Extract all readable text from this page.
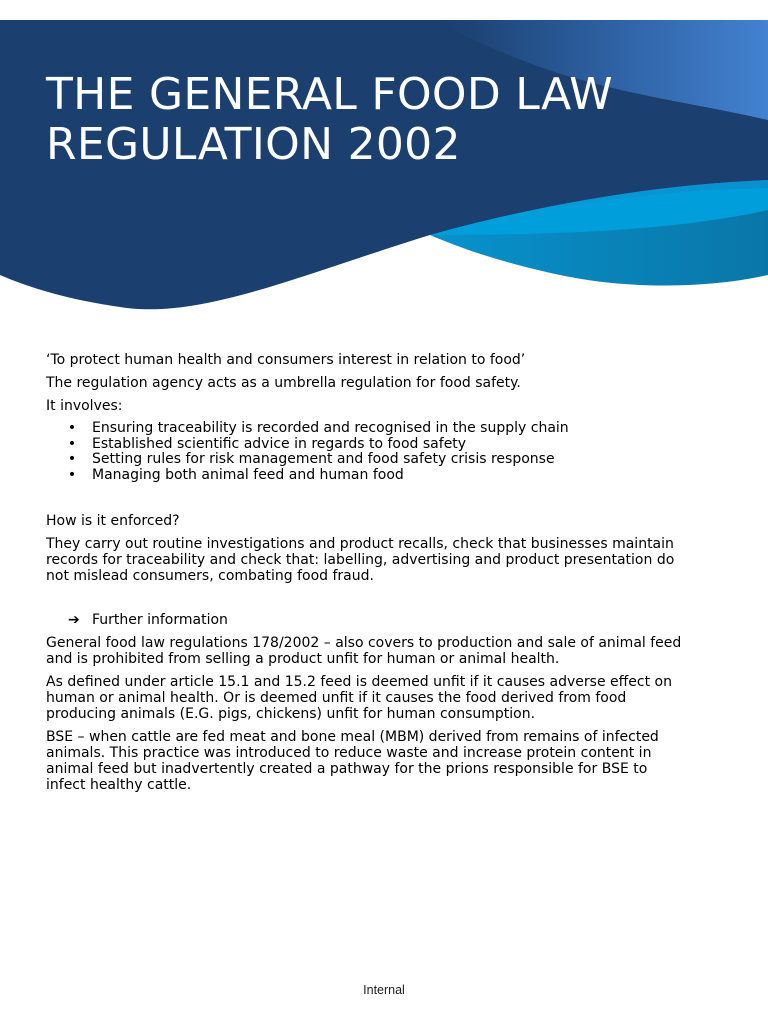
THE GENERAL FOOD LAW
REGULATION 2002

‘To protect human health and consumers interest in relation to food’

The regulation agency acts as a umbrella regulation for food safety.

It involves:

• Ensuring traceability is recorded and recognised in the supply chain
• Established scientific advice in regards to food safety
• Setting rules for risk management and food safety crisis response
• Managing both animal feed and human food

How is it enforced?

They carry out routine investigations and product recalls, check that businesses maintain records for traceability and check that: labelling, advertising and product presentation do not mislead consumers, combating food fraud.

➔ Further information

General food law regulations 178/2002 – also covers to production and sale of animal feed and is prohibited from selling a product unfit for human or animal health.

As defined under article 15.1 and 15.2 feed is deemed unfit if it causes adverse effect on human or animal health. Or is deemed unfit if it causes the food derived from food producing animals (E.G. pigs, chickens) unfit for human consumption.

BSE – when cattle are fed meat and bone meal (MBM) derived from remains of infected animals. This practice was introduced to reduce waste and increase protein content in animal feed but inadvertently created a pathway for the prions responsible for BSE to infect healthy cattle.

Internal
